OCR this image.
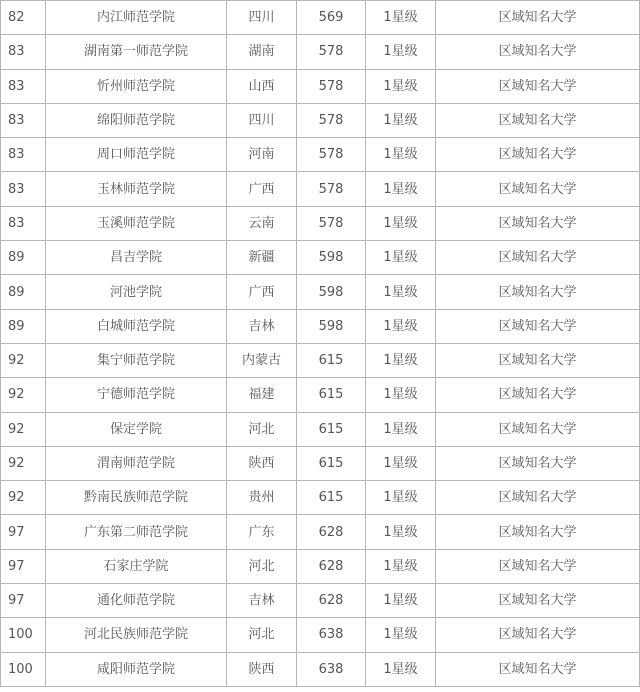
82	内江师范学院	四川	569	1星级	区域知名大学
83	湖南第一师范学院	湖南	578	1星级	区域知名大学
83	忻州师范学院	山西	578	1星级	区域知名大学
83	绵阳师范学院	四川	578	1星级	区域知名大学
83	周口师范学院	河南	578	1星级	区域知名大学
83	玉林师范学院	广西	578	1星级	区域知名大学
83	玉溪师范学院	云南	578	1星级	区域知名大学
89	昌吉学院	新疆	598	1星级	区域知名大学
89	河池学院	广西	598	1星级	区域知名大学
89	白城师范学院	吉林	598	1星级	区域知名大学
92	集宁师范学院	内蒙古	615	1星级	区域知名大学
92	宁德师范学院	福建	615	1星级	区域知名大学
92	保定学院	河北	615	1星级	区域知名大学
92	渭南师范学院	陕西	615	1星级	区域知名大学
92	黔南民族师范学院	贵州	615	1星级	区域知名大学
97	广东第二师范学院	广东	628	1星级	区域知名大学
97	石家庄学院	河北	628	1星级	区域知名大学
97	通化师范学院	吉林	628	1星级	区域知名大学
100	河北民族师范学院	河北	638	1星级	区域知名大学
100	咸阳师范学院	陕西	638	1星级	区域知名大学
